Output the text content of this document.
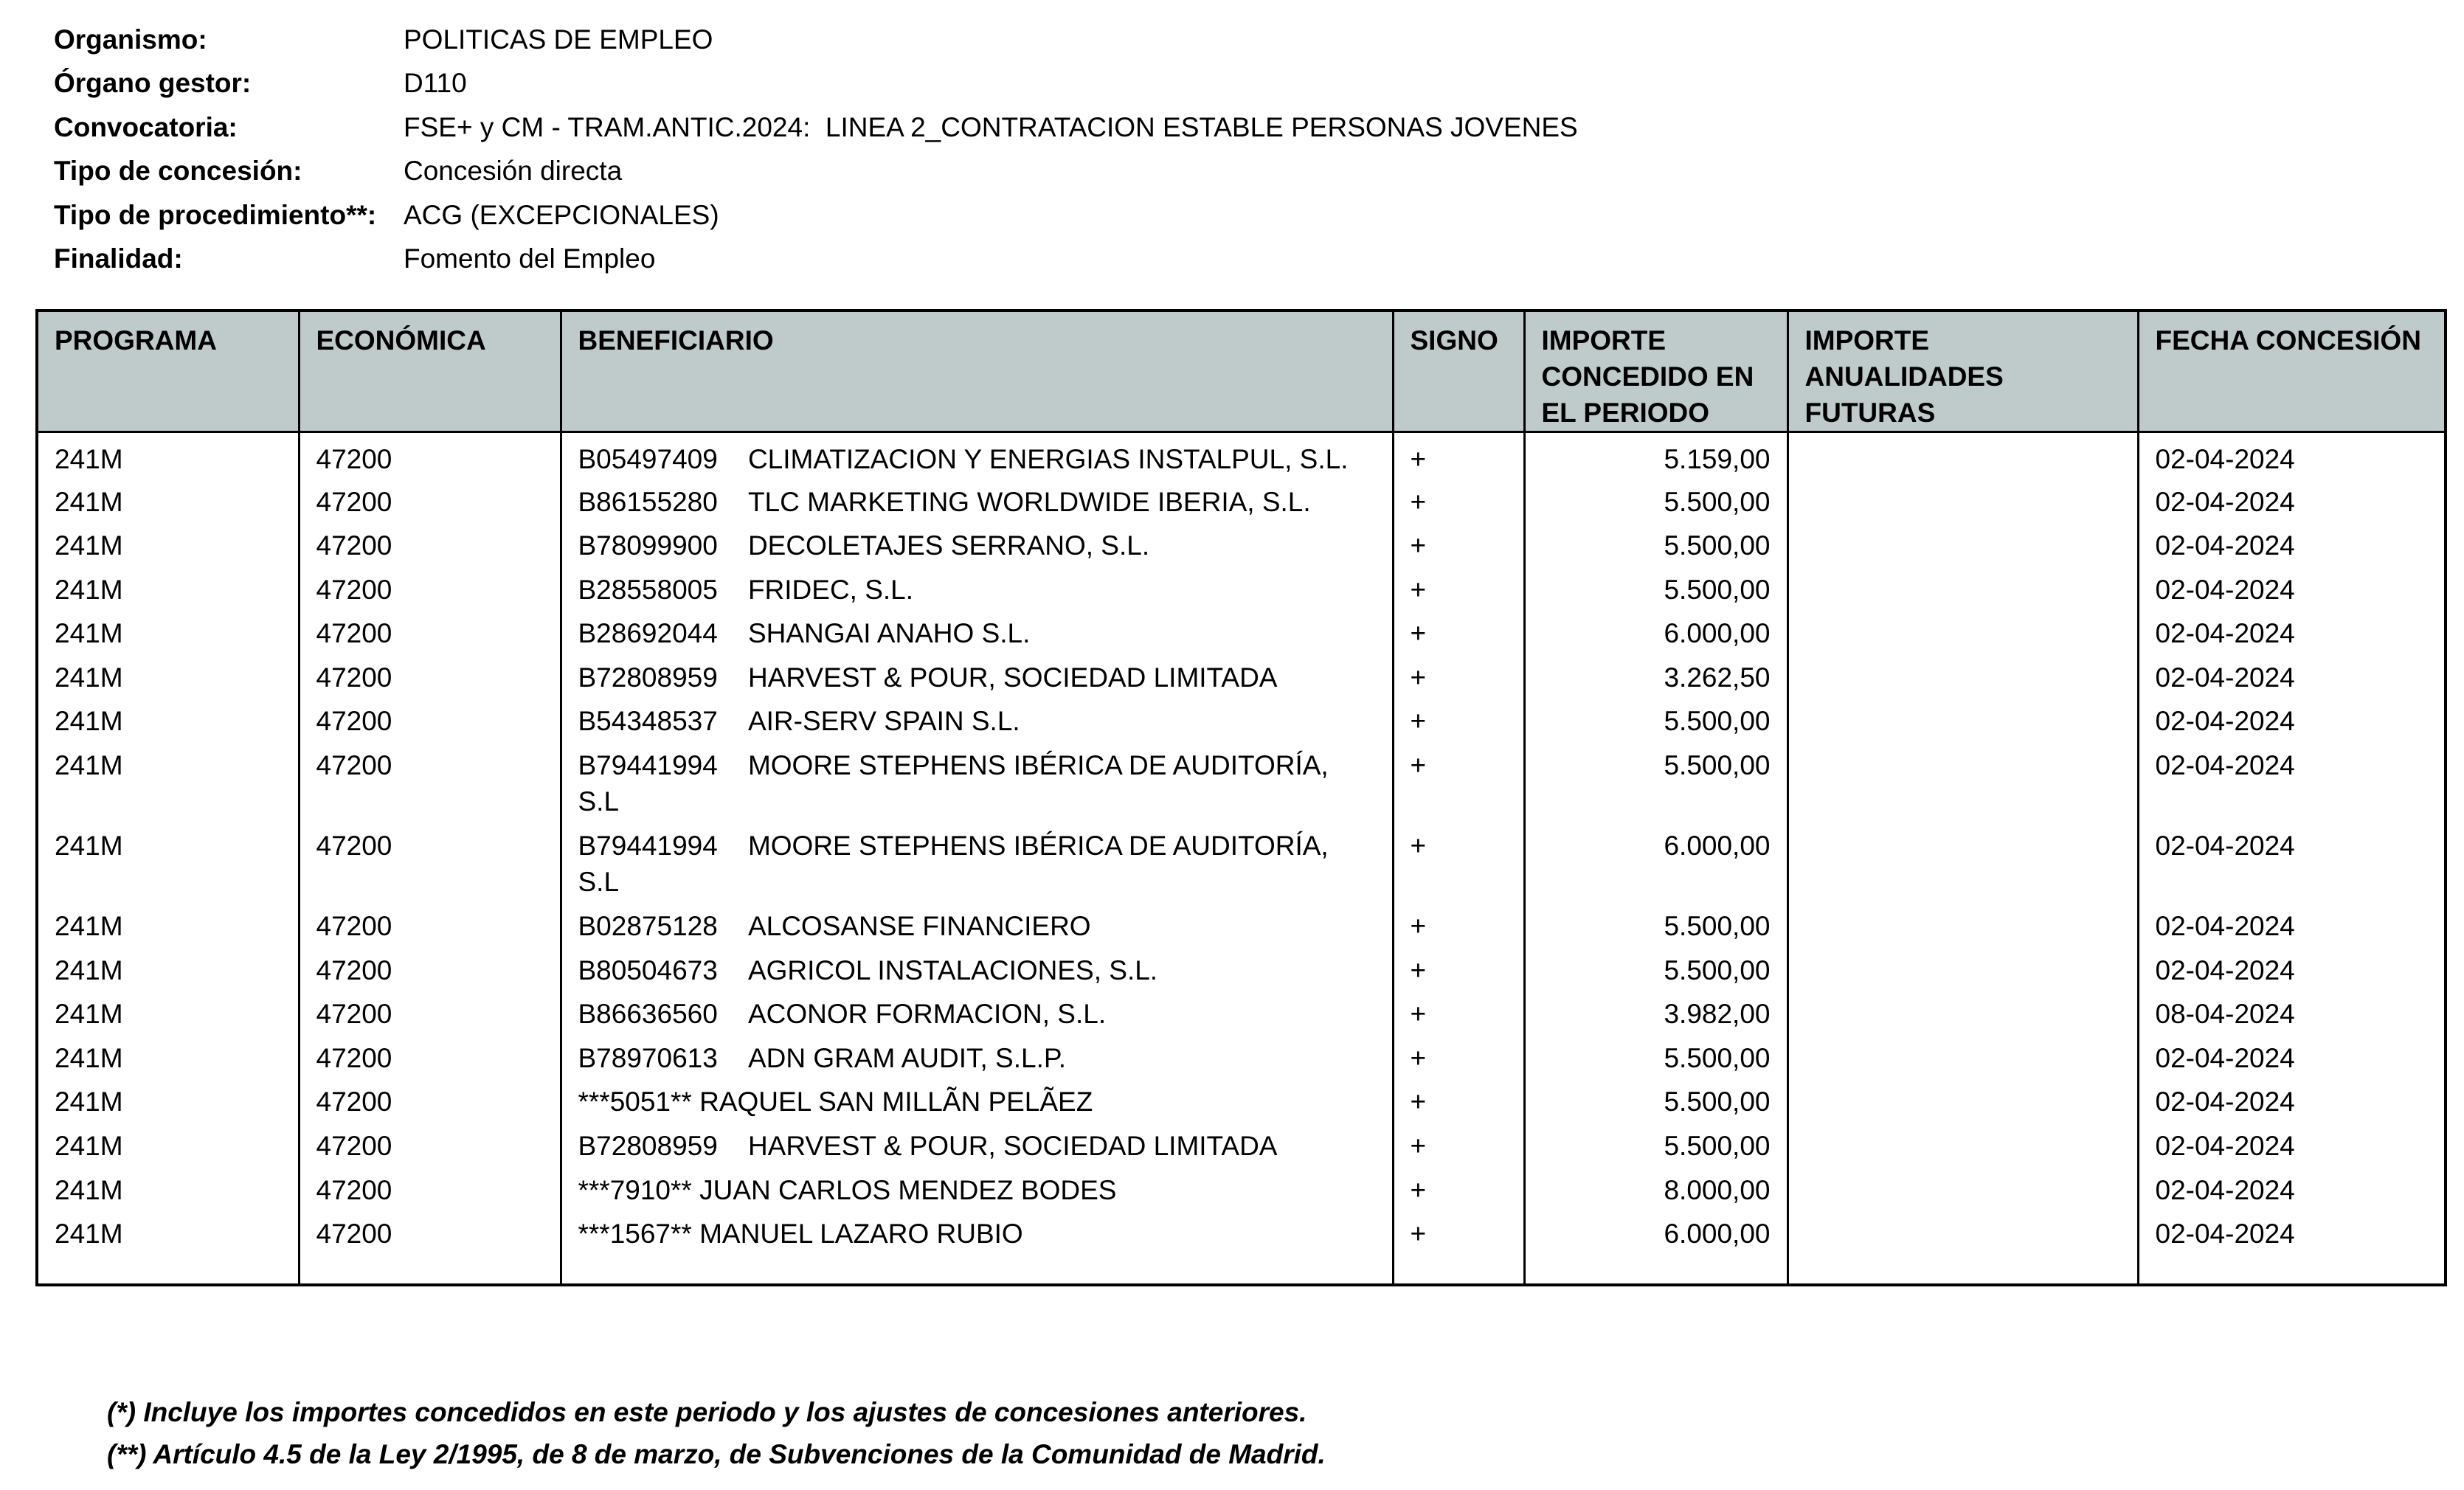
Organismo:	POLITICAS DE EMPLEO
Órgano gestor:	D110
Convocatoria:	FSE+ y CM - TRAM.ANTIC.2024:  LINEA 2_CONTRATACION ESTABLE PERSONAS JOVENES
Tipo de concesión:	Concesión directa
Tipo de procedimiento**: ACG (EXCEPCIONALES)
Finalidad:	Fomento del Empleo
PROGRAMA	ECONÓMICA	BENEFICIARIO	SIGNO	IMPORTE CONCEDIDO EN EL PERIODO	IMPORTE ANUALIDADES FUTURAS	FECHA CONCESIÓN
241M	47200	B05497409 CLIMATIZACION Y ENERGIAS INSTALPUL, S.L.	+	5.159,00		02-04-2024
241M	47200	B86155280 TLC MARKETING WORLDWIDE IBERIA, S.L.	+	5.500,00		02-04-2024
241M	47200	B78099900 DECOLETAJES SERRANO, S.L.	+	5.500,00		02-04-2024
241M	47200	B28558005 FRIDEC, S.L.	+	5.500,00		02-04-2024
241M	47200	B28692044 SHANGAI ANAHO S.L.	+	6.000,00		02-04-2024
241M	47200	B72808959 HARVEST & POUR, SOCIEDAD LIMITADA	+	3.262,50		02-04-2024
241M	47200	B54348537 AIR-SERV SPAIN S.L.	+	5.500,00		02-04-2024
241M	47200	B79441994 MOORE STEPHENS IBÉRICA DE AUDITORÍA, S.L	+	5.500,00		02-04-2024
241M	47200	B79441994 MOORE STEPHENS IBÉRICA DE AUDITORÍA, S.L	+	6.000,00		02-04-2024
241M	47200	B02875128 ALCOSANSE FINANCIERO	+	5.500,00		02-04-2024
241M	47200	B80504673 AGRICOL INSTALACIONES, S.L.	+	5.500,00		02-04-2024
241M	47200	B86636560 ACONOR FORMACION, S.L.	+	3.982,00		08-04-2024
241M	47200	B78970613 ADN GRAM AUDIT, S.L.P.	+	5.500,00		02-04-2024
241M	47200	***5051** RAQUEL SAN MILLÃN PELÃEZ	+	5.500,00		02-04-2024
241M	47200	B72808959 HARVEST & POUR, SOCIEDAD LIMITADA	+	5.500,00		02-04-2024
241M	47200	***7910** JUAN CARLOS MENDEZ BODES	+	8.000,00		02-04-2024
241M	47200	***1567** MANUEL LAZARO RUBIO	+	6.000,00		02-04-2024

(*) Incluye los importes concedidos en este periodo y los ajustes de concesiones anteriores.
(**) Artículo 4.5 de la Ley 2/1995, de 8 de marzo, de Subvenciones de la Comunidad de Madrid.
